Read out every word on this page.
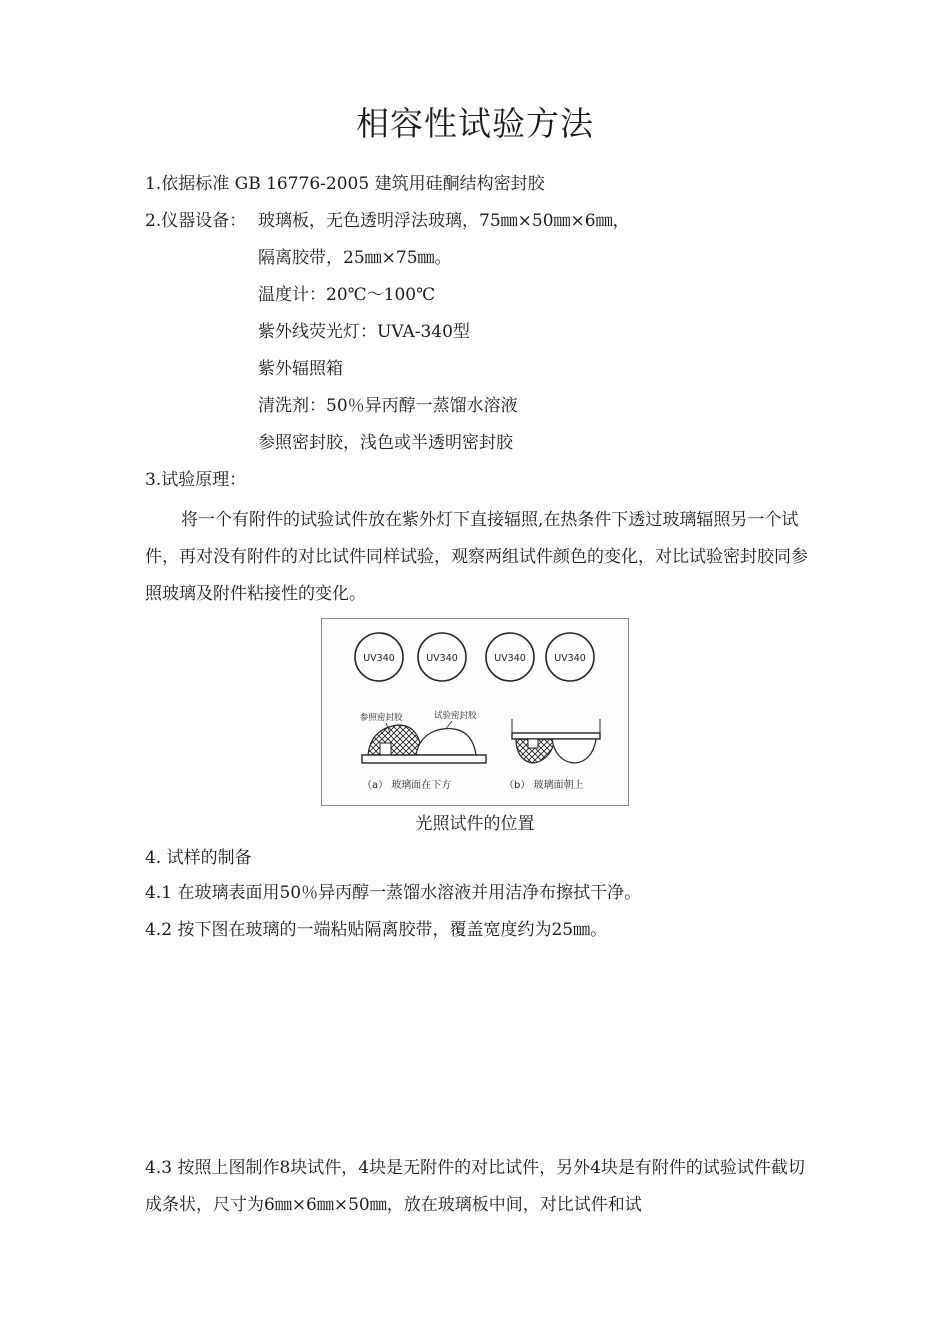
相容性试验方法
1.依据标准 GB 16776-2005 建筑用硅酮结构密封胶
2.仪器设备： 玻璃板，无色透明浮法玻璃，75㎜×50㎜×6㎜，
隔离胶带，25㎜×75㎜。
温度计：20℃～100℃
紫外线荧光灯：UVA-340型
紫外辐照箱
清洗剂：50％异丙醇一蒸馏水溶液
参照密封胶，浅色或半透明密封胶
3.试验原理：
将一个有附件的试验试件放在紫外灯下直接辐照,在热条件下透过玻璃辐照另一个试件，再对没有附件的对比试件同样试验，观察两组试件颜色的变化，对比试验密封胶同参照玻璃及附件粘接性的变化。
UV340	UV340	UV340	UV340
参照密封胶	试验密封胶
（a） 玻璃面在下方	（b） 玻璃面朝上
光照试件的位置
4. 试样的制备
4.1 在玻璃表面用50％异丙醇一蒸馏水溶液并用洁净布擦拭干净。
4.2 按下图在玻璃的一端粘贴隔离胶带，覆盖宽度约为25㎜。
4.3 按照上图制作8块试件，4块是无附件的对比试件，另外4块是有附件的试验试件截切成条状，尺寸为6㎜×6㎜×50㎜，放在玻璃板中间，对比试件和试
